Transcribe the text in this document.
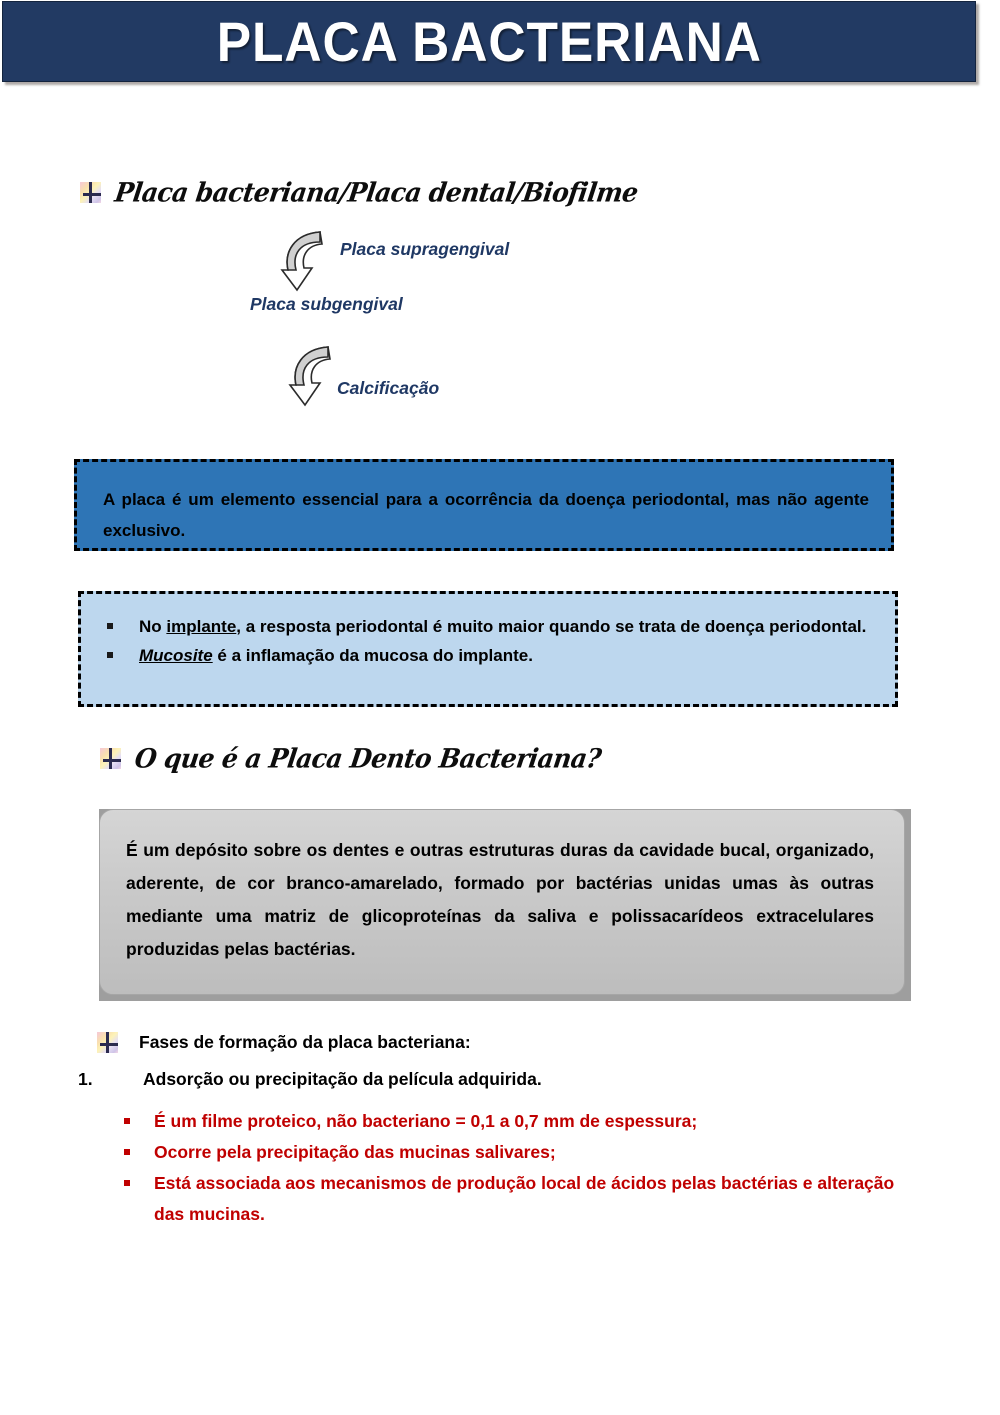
PLACA BACTERIANA
Placa bacteriana/Placa dental/Biofilme
Placa supragengival
Placa subgengival
Calcificação
A placa é um elemento essencial para a ocorrência da doença periodontal, mas não agente exclusivo.
No implante, a resposta periodontal é muito maior quando se trata de doença periodontal.
Mucosite é a inflamação da mucosa do implante.
O que é a Placa Dento Bacteriana?
É um depósito sobre os dentes e outras estruturas duras da cavidade bucal, organizado, aderente, de cor branco-amarelado, formado por bactérias unidas umas às outras mediante uma matriz de glicoproteínas da saliva e polissacarídeos extracelulares produzidas pelas bactérias.
Fases de formação da placa bacteriana:
1.	Adsorção ou precipitação da película adquirida.
É um filme proteico, não bacteriano = 0,1 a 0,7 mm de espessura;
Ocorre pela precipitação das mucinas salivares;
Está associada aos mecanismos de produção local de ácidos pelas bactérias e alteração das mucinas.
